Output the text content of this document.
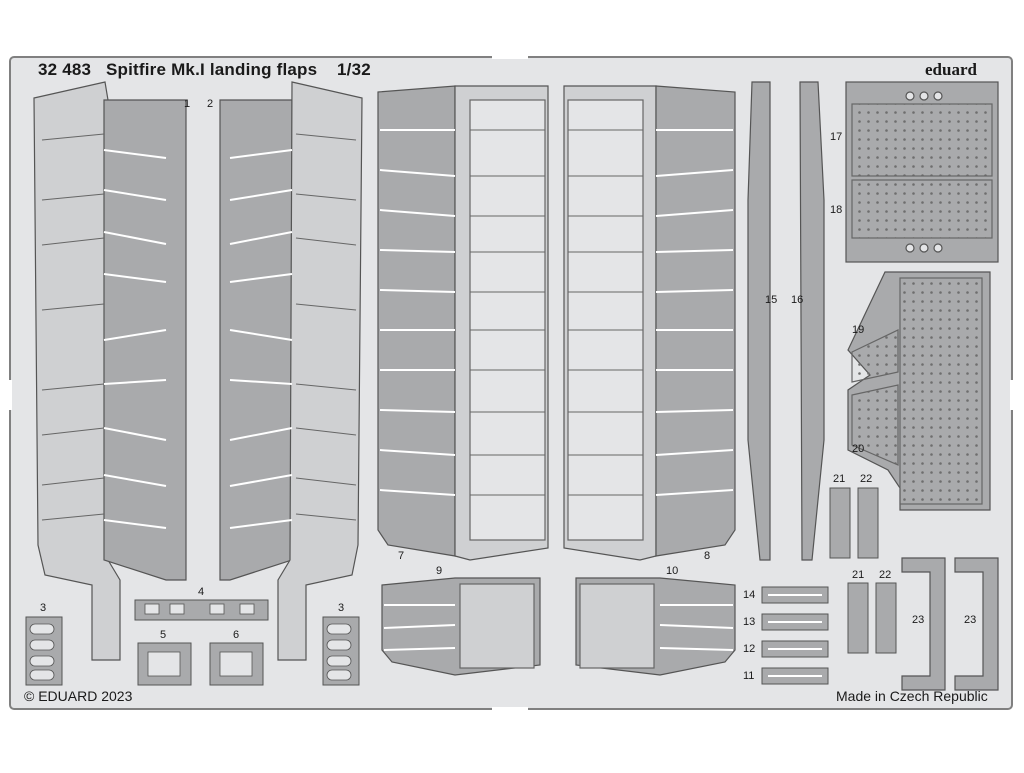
32 483 Spitfire Mk.I landing flaps 1/32	eduard
© EDUARD 2023	Made in Czech Republic
1 2
3	3
4
5	6
7	8
9	10
11
12
13
14
15 16
17
18
19
20
21 22
21 22
23	23
